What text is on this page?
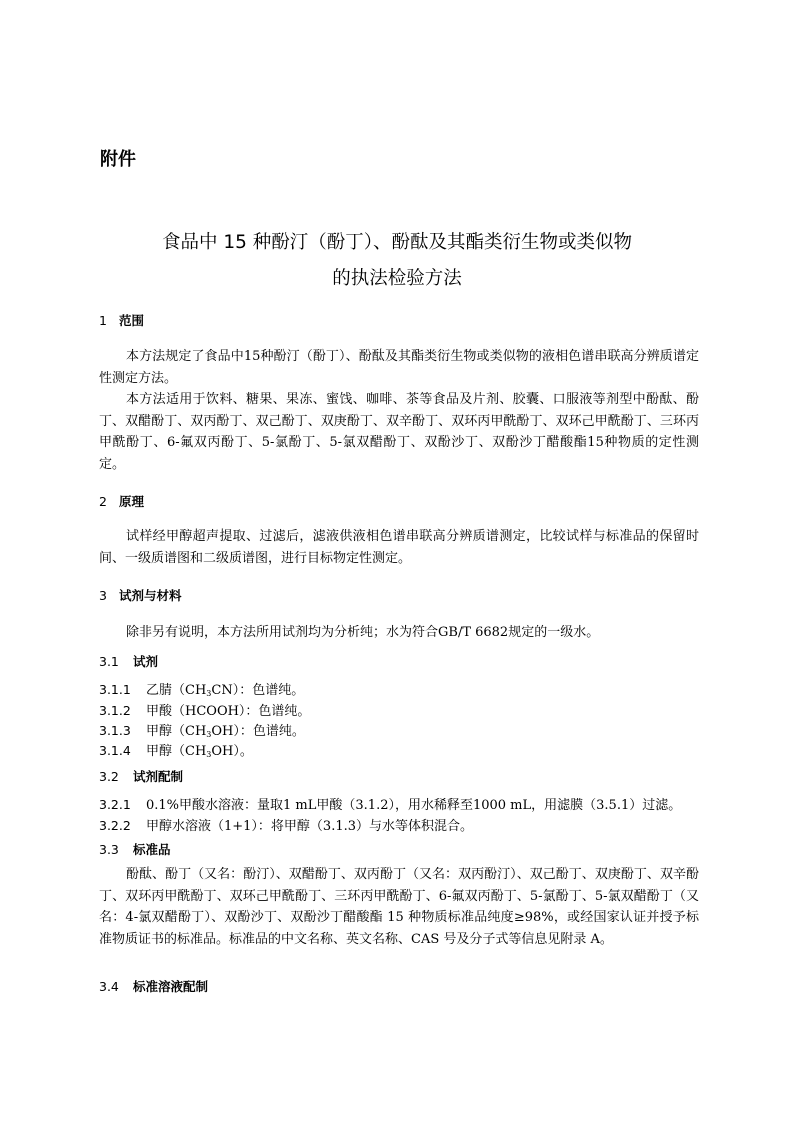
附件
食品中 15 种酚汀（酚丁）、酚酞及其酯类衍生物或类似物
的执法检验方法
1 范围

本方法规定了食品中15种酚汀（酚丁）、酚酞及其酯类衍生物或类似物的液相色谱串联高分辨质谱定性测定方法。

本方法适用于饮料、糖果、果冻、蜜饯、咖啡、茶等食品及片剂、胶囊、口服液等剂型中酚酞、酚丁、双醋酚丁、双丙酚丁、双己酚丁、双庚酚丁、双辛酚丁、双环丙甲酰酚丁、双环己甲酰酚丁、三环丙甲酰酚丁、6-氟双丙酚丁、5-氯酚丁、5-氯双醋酚丁、双酚沙丁、双酚沙丁醋酸酯15种物质的定性测定。

2 原理

试样经甲醇超声提取、过滤后，滤液供液相色谱串联高分辨质谱测定，比较试样与标准品的保留时间、一级质谱图和二级质谱图，进行目标物定性测定。

3 试剂与材料

除非另有说明，本方法所用试剂均为分析纯；水为符合GB/T 6682规定的一级水。

3.1 试剂
3.1.1 乙腈$(CH_3CN)$：色谱纯。
3.1.2 甲酸（HCOOH）：色谱纯。
3.1.3 甲醇$(CH_3OH)$：色谱纯。
3.1.4 甲醇$(CH_3OH)$。
3.2 试剂配制
3.2.1 0.1%甲酸水溶液：量取1 mL甲酸（3.1.2），用水稀释至1000 mL，用滤膜（3.5.1）过滤。
3.2.2 甲醇水溶液（1+1）：将甲醇（3.1.3）与水等体积混合。
3.3 标准品

酚酞、酚丁（又名：酚汀）、双醋酚丁、双丙酚丁（又名：双丙酚汀）、双己酚丁、双庚酚丁、双辛酚丁、双环丙甲酰酚丁、双环己甲酰酚丁、三环丙甲酰酚丁、6-氟双丙酚丁、5-氯酚丁、5-氯双醋酚丁（又名：4-氯双醋酚丁）、双酚沙丁、双酚沙丁醋酸酯 15 种物质标准品纯度≥98%，或经国家认证并授予标准物质证书的标准品。标准品的中文名称、英文名称、CAS 号及分子式等信息见附录 A。

3.4 标准溶液配制
